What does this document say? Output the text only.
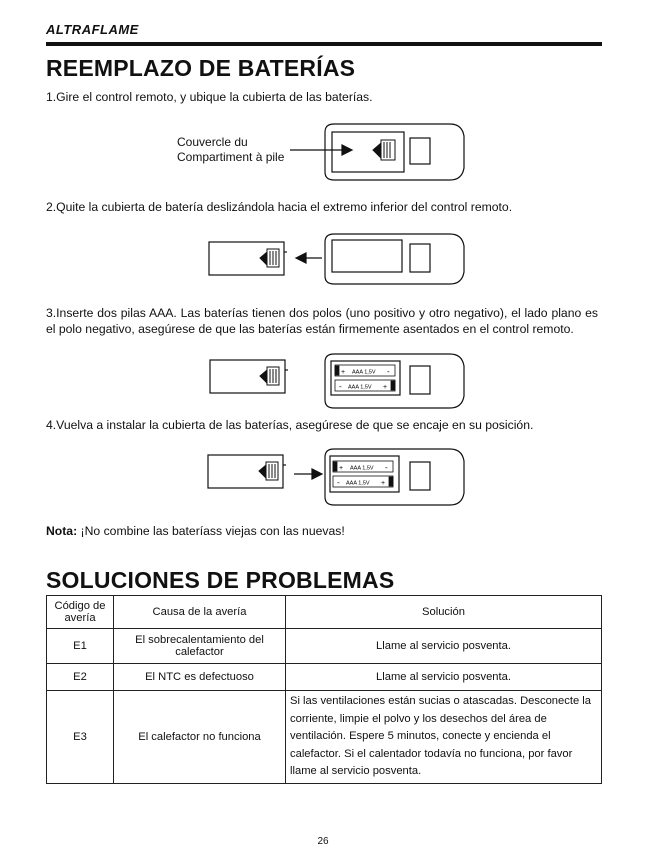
ALTRAFLAME
REEMPLAZO DE BATERÍAS
1.Gire el control remoto, y ubique la cubierta de las baterías.
Couvercle du
Compartiment à pile
2.Quite la cubierta de batería deslizándola hacia el extremo inferior del control remoto.
3.Inserte dos pilas AAA. Las baterías tienen dos polos (uno positivo y otro negativo), el lado plano es el polo negativo, asegúrese de que las baterías están firmemente asentados en el control remoto.
AAA 1,5V
+	-
AAA 1,5V
-	+
4.Vuelva a instalar la cubierta de las baterías, asegúrese de que se encaje en su posición.
AAA 1,5V
+	-
AAA 1,5V
-	+
Nota: ¡No combine las bateríass viejas con las nuevas!
SOLUCIONES DE PROBLEMAS
Código de avería	Causa de la avería	Solución
E1	El sobrecalentamiento del calefactor	Llame al servicio posventa.
E2	El NTC es defectuoso	Llame al servicio posventa.
E3	El calefactor no funciona	Si las ventilaciones están sucias o atascadas. Desconecte la corriente, limpie el polvo y los desechos del área de ventilación. Espere 5 minutos, conecte y encienda el calefactor. Si el calentador todavía no funciona, por favor llame al servicio posventa.
26
